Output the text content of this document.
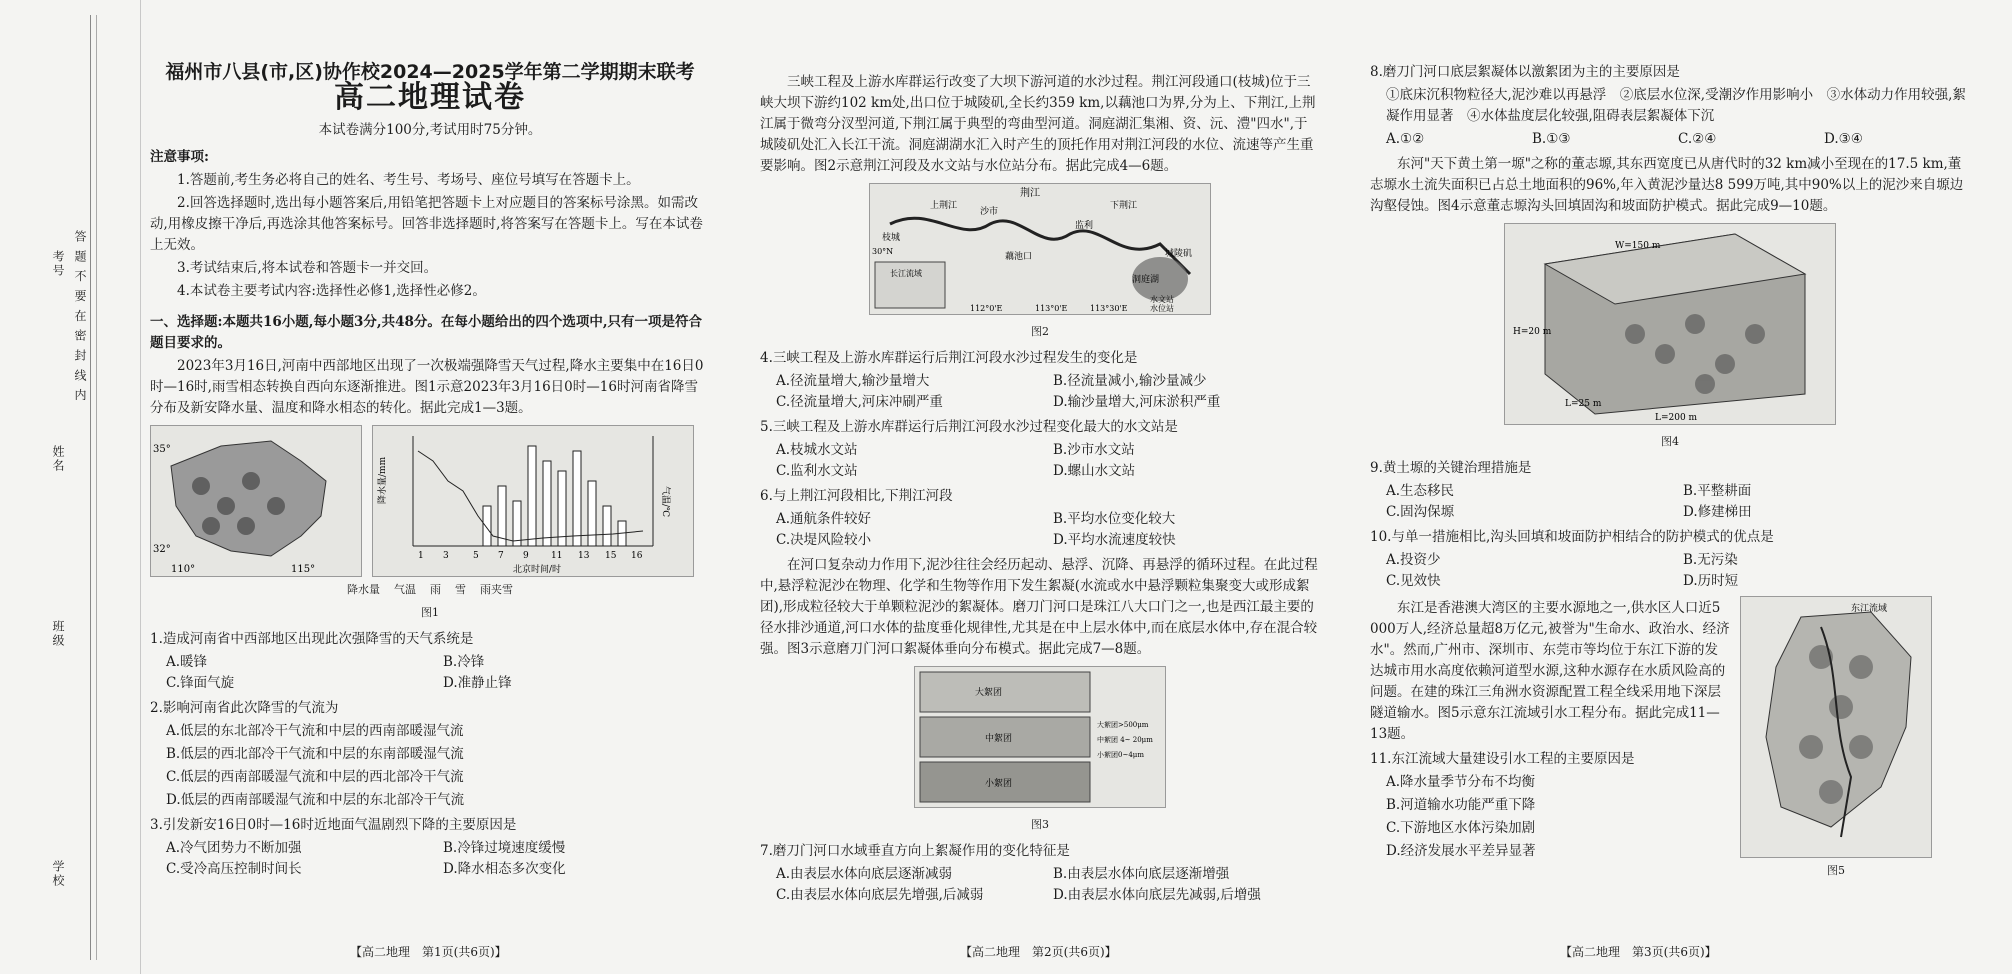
答 题 不 要 在 密 封 线 内
考号
姓名
班级
学校
福州市八县(市,区)协作校2024—2025学年第二学期期末联考
高二地理试卷

本试卷满分100分,考试用时75分钟。

注意事项:

1.答题前,考生务必将自己的姓名、考生号、考场号、座位号填写在答题卡上。

2.回答选择题时,选出每小题答案后,用铅笔把答题卡上对应题目的答案标号涂黑。如需改动,用橡皮擦干净后,再选涂其他答案标号。回答非选择题时,将答案写在答题卡上。写在本试卷上无效。

3.考试结束后,将本试卷和答题卡一并交回。

4.本试卷主要考试内容:选择性必修1,选择性必修2。

一、选择题:本题共16小题,每小题3分,共48分。在每小题给出的四个选项中,只有一项是符合题目要求的。

2023年3月16日,河南中西部地区出现了一次极端强降雪天气过程,降水主要集中在16日0时—16时,雨雪相态转换自西向东逐渐推进。图1示意2023年3月16日0时—16时河南省降雪分布及新安降水量、温度和降水相态的转化。据此完成1—3题。

35°
32°
110°	115°
1 3	5 7 9 11 13 15 16
北京时间/时
降水量/mm	气温/℃
降水量 气温 雨 雪 雨夹雪
图1

1.造成河南省中西部地区出现此次强降雪的天气系统是

A.暖锋	B.冷锋
C.锋面气旋	D.准静止锋

2.影响河南省此次降雪的气流为

A.低层的东北部冷干气流和中层的西南部暖湿气流

B.低层的西北部冷干气流和中层的东南部暖湿气流

C.低层的西南部暖湿气流和中层的西北部冷干气流

D.低层的西南部暖湿气流和中层的东北部冷干气流

3.引发新安16日0时—16时近地面气温剧烈下降的主要原因是

A.冷气团势力不断加强	B.冷锋过境速度缓慢
C.受冷高压控制时间长	D.降水相态多次变化
【高二地理　第1页(共6页)】

三峡工程及上游水库群运行改变了大坝下游河道的水沙过程。荆江河段通口(枝城)位于三峡大坝下游约102 km处,出口位于城陵矶,全长约359 km,以藕池口为界,分为上、下荆江,上荆江属于微弯分汊型河道,下荆江属于典型的弯曲型河道。洞庭湖汇集湘、资、沅、澧"四水",于城陵矶处汇入长江干流。洞庭湖湖水汇入时产生的顶托作用对荆江河段的水位、流速等产生重要影响。图2示意荆江河段及水文站与水位站分布。据此完成4—6题。

荆江
上荆江	下荆江
沙市
枝城
监利
藕池口	城陵矶
洞庭湖
长江流域
水文站
水位站
30°N
112°0'E	113°0'E	113°30'E
图2

4.三峡工程及上游水库群运行后荆江河段水沙过程发生的变化是

A.径流量增大,输沙量增大	B.径流量减小,输沙量减少
C.径流量增大,河床冲刷严重	D.输沙量增大,河床淤积严重

5.三峡工程及上游水库群运行后荆江河段水沙过程变化最大的水文站是

A.枝城水文站	B.沙市水文站
C.监利水文站	D.螺山水文站

6.与上荆江河段相比,下荆江河段

A.通航条件较好	B.平均水位变化较大
C.决堤风险较小	D.平均水流速度较快

在河口复杂动力作用下,泥沙往往会经历起动、悬浮、沉降、再悬浮的循环过程。在此过程中,悬浮粒泥沙在物理、化学和生物等作用下发生絮凝(水流或水中悬浮颗粒集聚变大或形成絮团),形成粒径较大于单颗粒泥沙的絮凝体。磨刀门河口是珠江八大口门之一,也是西江最主要的径水排沙通道,河口水体的盐度垂化规律性,尤其是在中上层水体中,而在底层水体中,存在混合较强。图3示意磨刀门河口絮凝体垂向分布模式。据此完成7—8题。

大絮团
中絮团
小絮团
大絮团>500μm
中絮团 4~ 20μm
小絮团0~4μm
图3

7.磨刀门河口水域垂直方向上絮凝作用的变化特征是

A.由表层水体向底层逐渐减弱	B.由表层水体向底层逐渐增强
C.由表层水体向底层先增强,后减弱	D.由表层水体向底层先减弱,后增强
【高二地理　第2页(共6页)】

8.磨刀门河口底层絮凝体以激絮团为主的主要原因是

①底床沉积物粒径大,泥沙难以再悬浮　②底层水位深,受潮汐作用影响小　③水体动力作用较强,絮凝作用显著　④水体盐度层化较强,阻碍表层絮凝体下沉

A.①②	B.①③	C.②④	D.③④

东河"天下黄土第一塬"之称的董志塬,其东西宽度已从唐代时的32 km减小至现在的17.5 km,董志塬水土流失面积已占总土地面积的96%,年入黄泥沙量达8 599万吨,其中90%以上的泥沙来自塬边沟壑侵蚀。图4示意董志塬沟头回填固沟和坡面防护模式。据此完成9—10题。

W=150 m
H=20 m
L=25 m
L=200 m
图4

9.黄土塬的关键治理措施是

A.生态移民	B.平整耕面
C.固沟保塬	D.修建梯田

10.与单一措施相比,沟头回填和坡面防护相结合的防护模式的优点是

A.投资少	B.无污染
C.见效快	D.历时短

东江是香港澳大湾区的主要水源地之一,供水区人口近5 000万人,经济总量超8万亿元,被誉为"生命水、政治水、经济水"。然而,广州市、深圳市、东莞市等均位于东江下游的发达城市用水高度依赖河道型水源,这种水源存在水质风险高的问题。在建的珠江三角洲水资源配置工程全线采用地下深层隧道输水。图5示意东江流域引水工程分布。据此完成11—13题。

11.东江流域大量建设引水工程的主要原因是

A.降水量季节分布不均衡

B.河道输水功能严重下降

C.下游地区水体污染加剧

D.经济发展水平差异显著

东江流域
图5
【高二地理　第3页(共6页)】
